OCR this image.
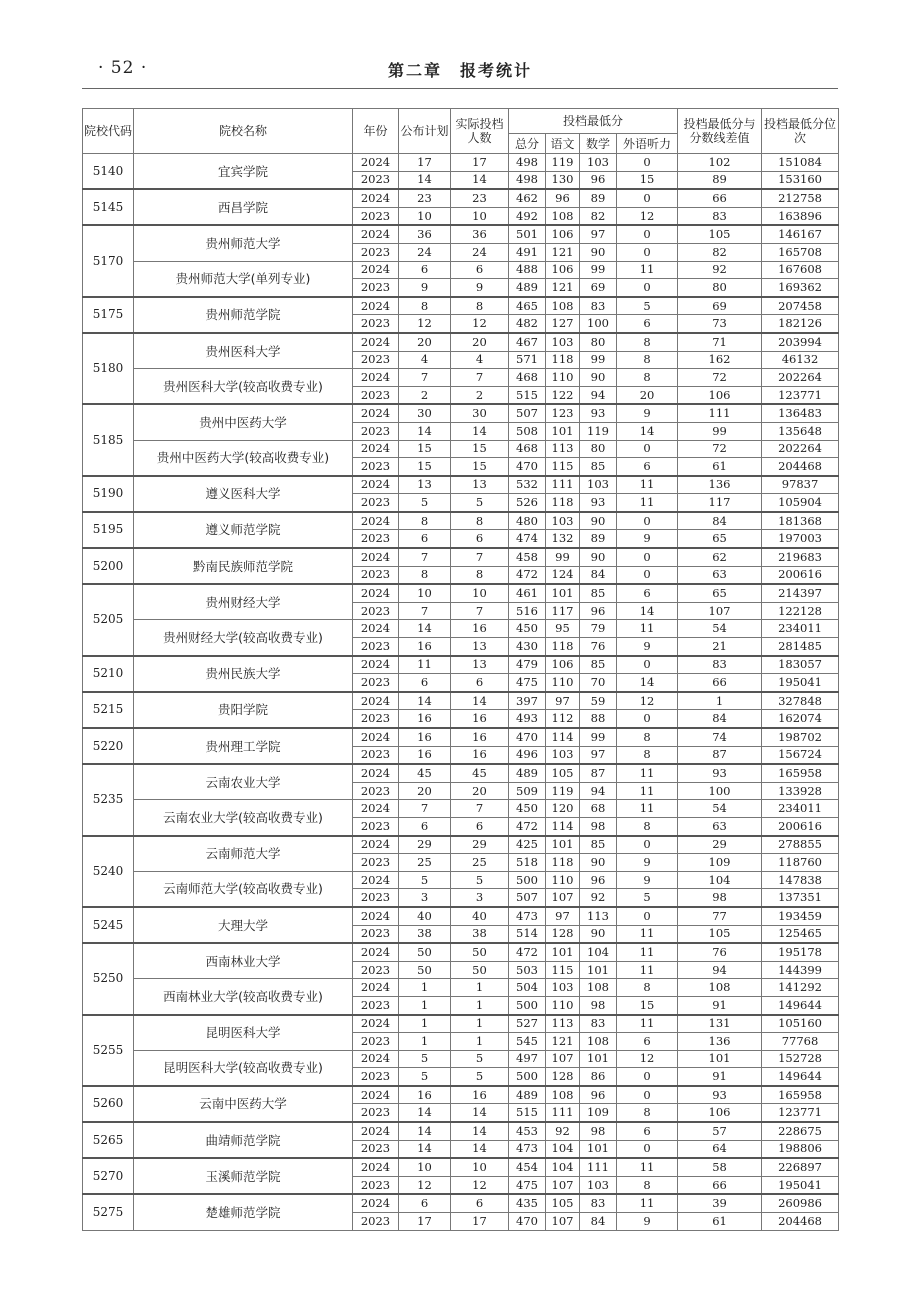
· 52 ·	第二章　报考统计
院校代码	院校名称	年份	公布计划	实际投档人数	投档最低分				投档最低分与分数线差值	投档最低分位次
					总分	语文	数学	外语听力		
5140	宜宾学院	2024	17	17	498	119	103	0	102	151084
		2023	14	14	498	130	96	15	89	153160
5145	西昌学院	2024	23	23	462	96	89	0	66	212758
		2023	10	10	492	108	82	12	83	163896
5170	贵州师范大学	2024	36	36	501	106	97	0	105	146167
		2023	24	24	491	121	90	0	82	165708
	贵州师范大学(单列专业)	2024	6	6	488	106	99	11	92	167608
		2023	9	9	489	121	69	0	80	169362
5175	贵州师范学院	2024	8	8	465	108	83	5	69	207458
		2023	12	12	482	127	100	6	73	182126
5180	贵州医科大学	2024	20	20	467	103	80	8	71	203994
		2023	4	4	571	118	99	8	162	46132
	贵州医科大学(较高收费专业)	2024	7	7	468	110	90	8	72	202264
		2023	2	2	515	122	94	20	106	123771
5185	贵州中医药大学	2024	30	30	507	123	93	9	111	136483
		2023	14	14	508	101	119	14	99	135648
	贵州中医药大学(较高收费专业)	2024	15	15	468	113	80	0	72	202264
		2023	15	15	470	115	85	6	61	204468
5190	遵义医科大学	2024	13	13	532	111	103	11	136	97837
		2023	5	5	526	118	93	11	117	105904
5195	遵义师范学院	2024	8	8	480	103	90	0	84	181368
		2023	6	6	474	132	89	9	65	197003
5200	黔南民族师范学院	2024	7	7	458	99	90	0	62	219683
		2023	8	8	472	124	84	0	63	200616
5205	贵州财经大学	2024	10	10	461	101	85	6	65	214397
		2023	7	7	516	117	96	14	107	122128
	贵州财经大学(较高收费专业)	2024	14	16	450	95	79	11	54	234011
		2023	16	13	430	118	76	9	21	281485
5210	贵州民族大学	2024	11	13	479	106	85	0	83	183057
		2023	6	6	475	110	70	14	66	195041
5215	贵阳学院	2024	14	14	397	97	59	12	1	327848
		2023	16	16	493	112	88	0	84	162074
5220	贵州理工学院	2024	16	16	470	114	99	8	74	198702
		2023	16	16	496	103	97	8	87	156724
5235	云南农业大学	2024	45	45	489	105	87	11	93	165958
		2023	20	20	509	119	94	11	100	133928
	云南农业大学(较高收费专业)	2024	7	7	450	120	68	11	54	234011
		2023	6	6	472	114	98	8	63	200616
5240	云南师范大学	2024	29	29	425	101	85	0	29	278855
		2023	25	25	518	118	90	9	109	118760
	云南师范大学(较高收费专业)	2024	5	5	500	110	96	9	104	147838
		2023	3	3	507	107	92	5	98	137351
5245	大理大学	2024	40	40	473	97	113	0	77	193459
		2023	38	38	514	128	90	11	105	125465
5250	西南林业大学	2024	50	50	472	101	104	11	76	195178
		2023	50	50	503	115	101	11	94	144399
	西南林业大学(较高收费专业)	2024	1	1	504	103	108	8	108	141292
		2023	1	1	500	110	98	15	91	149644
5255	昆明医科大学	2024	1	1	527	113	83	11	131	105160
		2023	1	1	545	121	108	6	136	77768
	昆明医科大学(较高收费专业)	2024	5	5	497	107	101	12	101	152728
		2023	5	5	500	128	86	0	91	149644
5260	云南中医药大学	2024	16	16	489	108	96	0	93	165958
		2023	14	14	515	111	109	8	106	123771
5265	曲靖师范学院	2024	14	14	453	92	98	6	57	228675
		2023	14	14	473	104	101	0	64	198806
5270	玉溪师范学院	2024	10	10	454	104	111	11	58	226897
		2023	12	12	475	107	103	8	66	195041
5275	楚雄师范学院	2024	6	6	435	105	83	11	39	260986
		2023	17	17	470	107	84	9	61	204468
